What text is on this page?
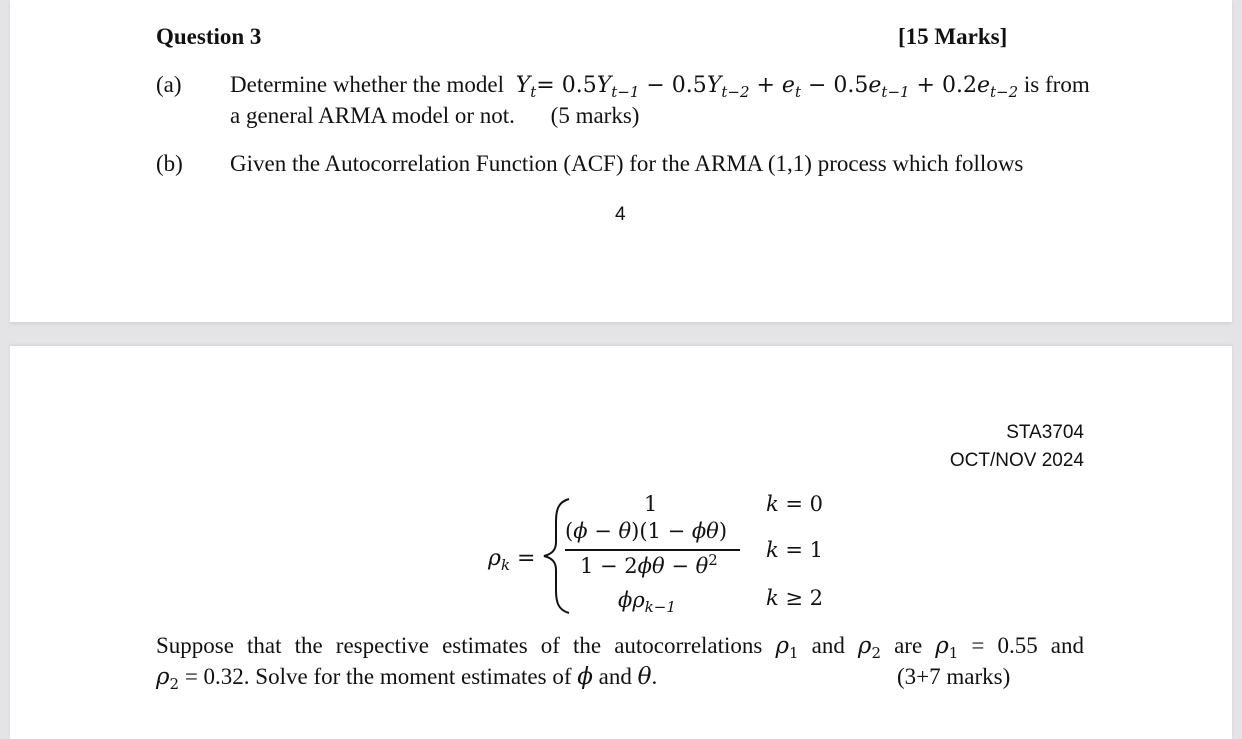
Question 3	[15 Marks]
(a) Determine whether the model $Y_t= 0.5Y_{t-1} - 0.5Y_{t-2} + e_t - 0.5e_{t-1} + 0.2e_{t-2}$ is from
a general ARMA model or not. (5 marks)
(b) Given the Autocorrelation Function (ACF) for the ARMA (1,1) process which follows
4
STA3704
OCT/NOV 2024
$\rho_k$ =
1	k = 0
(ϕ − θ)(1 − ϕθ)
$1 - 2\phi\theta - \theta^2$ k = 1
$\phi\rho_{k-1}$	k ≥ 2
Suppose that the respective estimates of the autocorrelations $\rho_1$ and $\rho_2$ are $\rho_1 = 0.55$ and
$\rho_2 = 0.32$. Solve for the moment estimates of ϕ and θ.	(3+7 marks)
